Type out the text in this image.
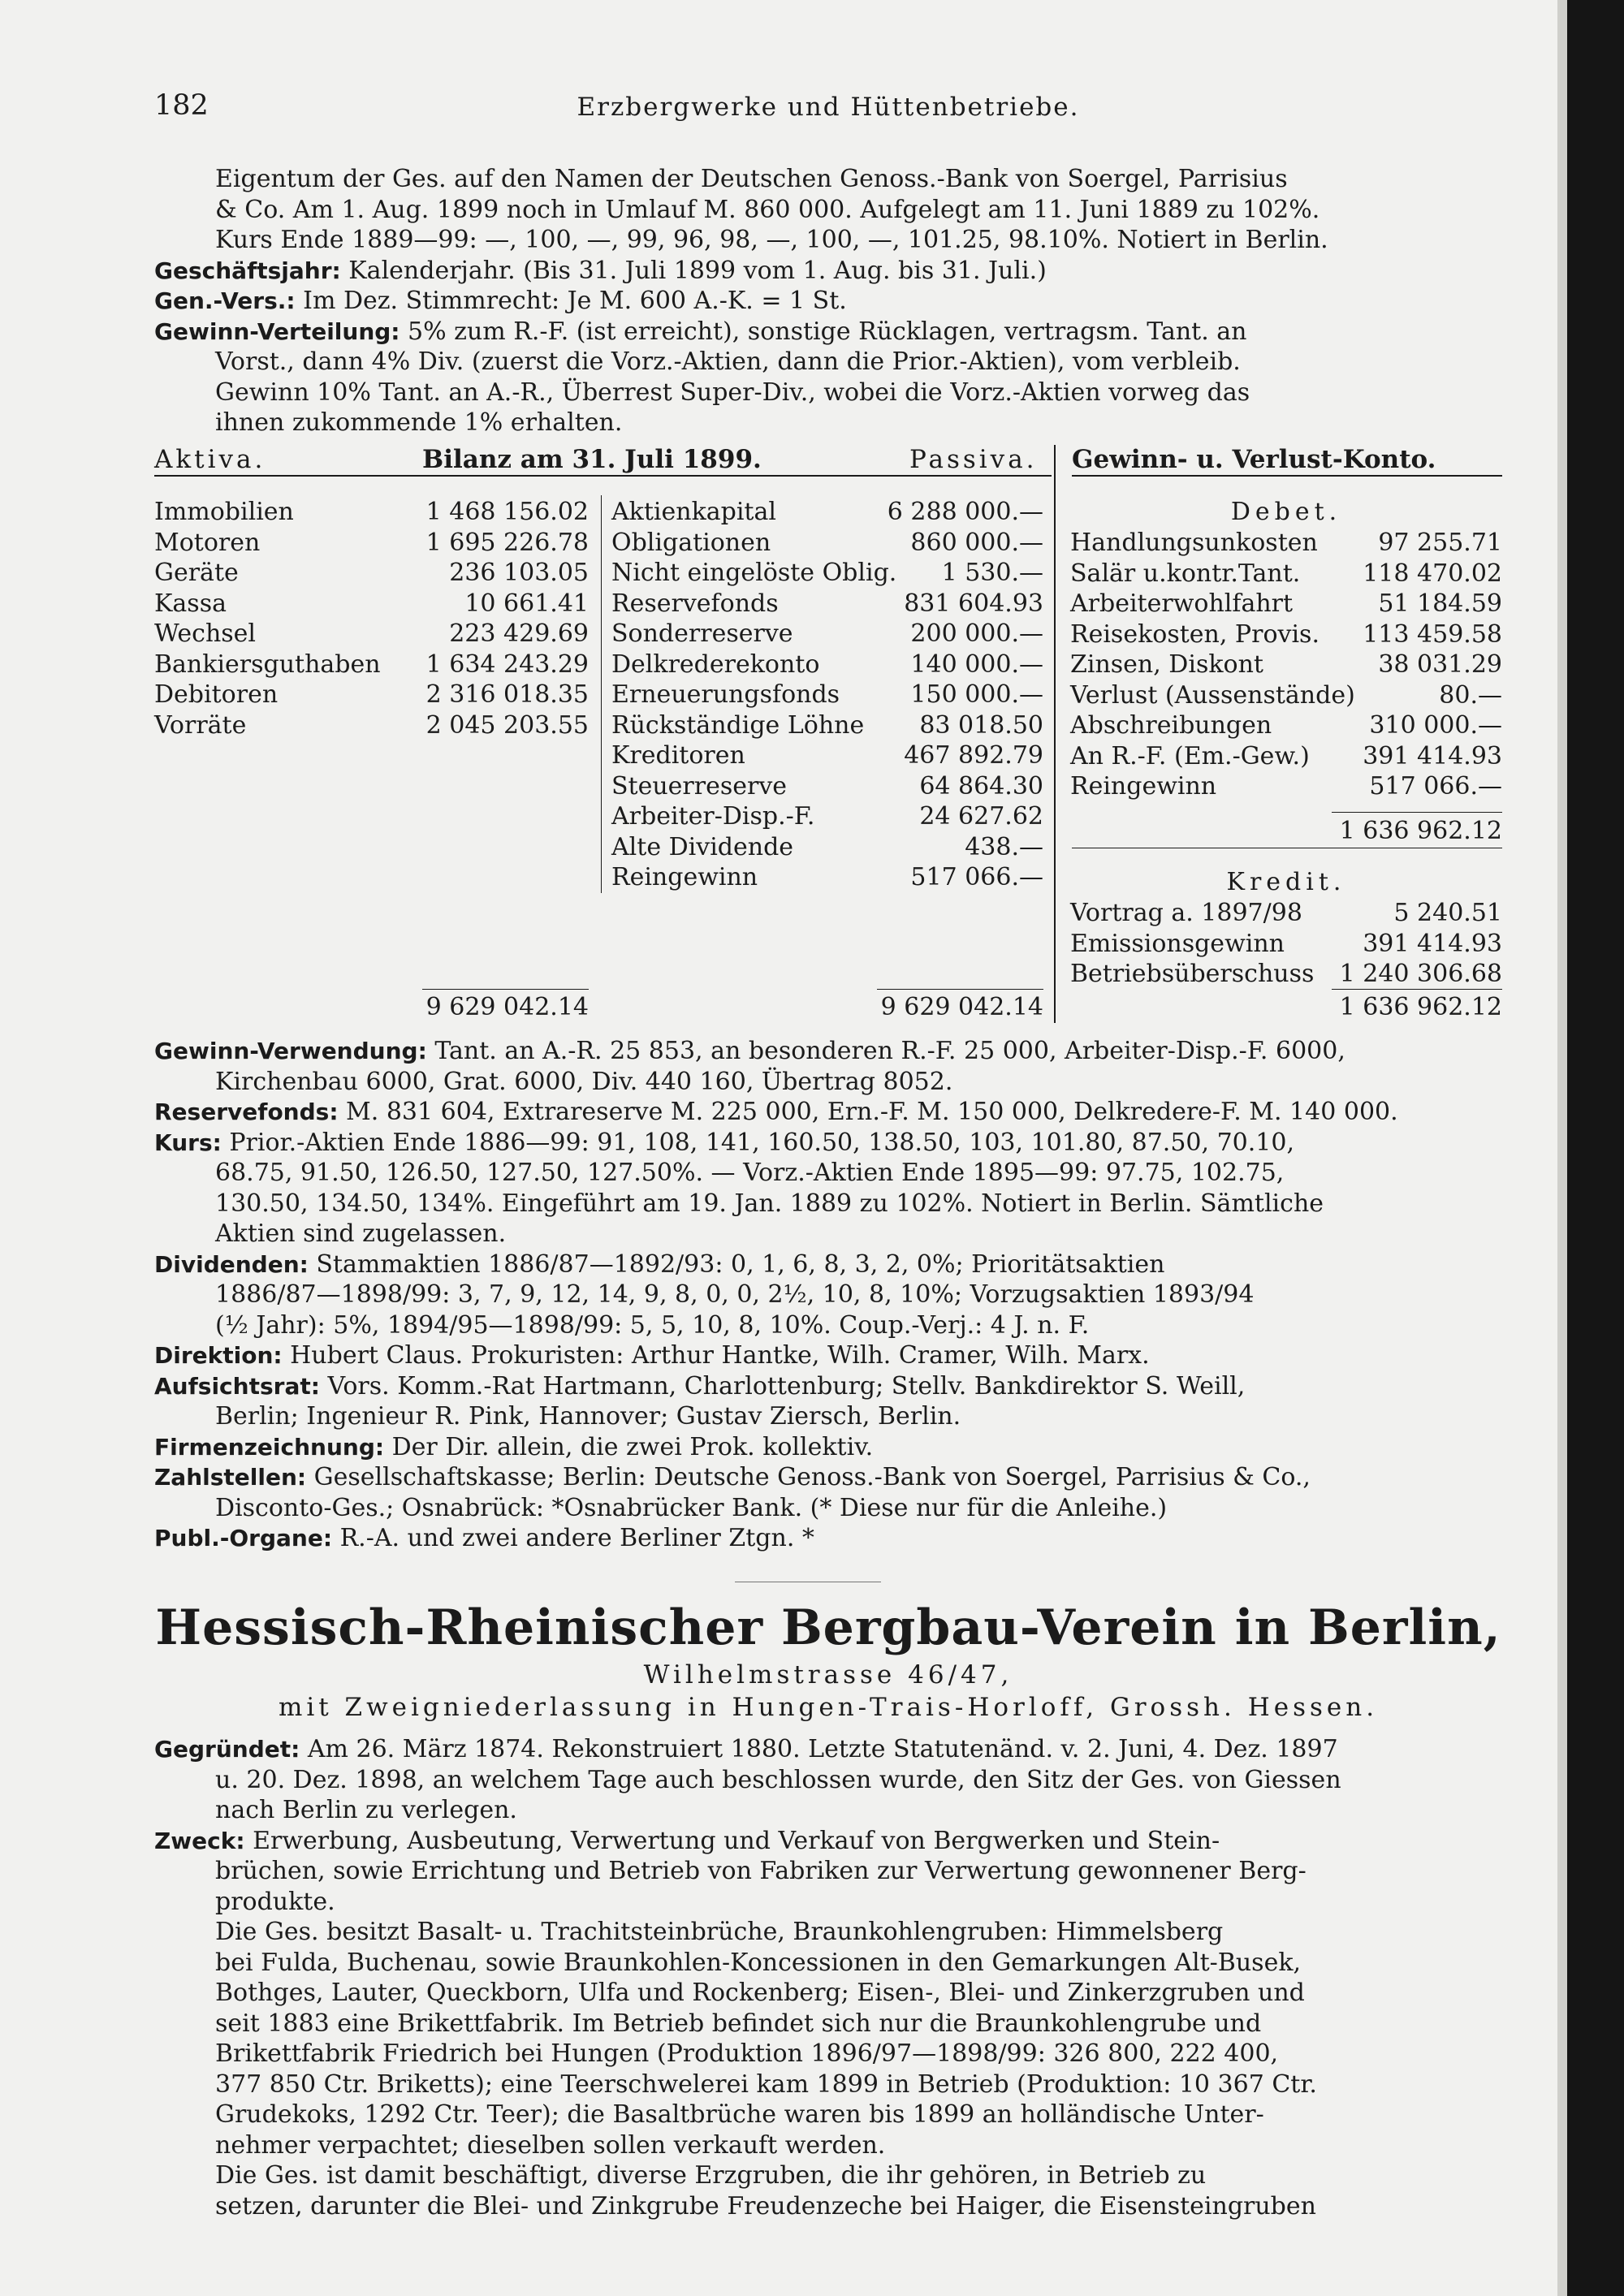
182	Erzbergwerke und Hüttenbetriebe.
Eigentum der Ges. auf den Namen der Deutschen Genoss.-Bank von Soergel, Parrisius
& Co. Am 1. Aug. 1899 noch in Umlauf M. 860 000. Aufgelegt am 11. Juni 1889 zu 102%.
Kurs Ende 1889—99: —, 100, —, 99, 96, 98, —, 100, —, 101.25, 98.10%. Notiert in Berlin.
Geschäftsjahr: Kalenderjahr. (Bis 31. Juli 1899 vom 1. Aug. bis 31. Juli.)
Gen.-Vers.: Im Dez. Stimmrecht: Je M. 600 A.-K. = 1 St.
Gewinn-Verteilung: 5% zum R.-F. (ist erreicht), sonstige Rücklagen, vertragsm. Tant. an
Vorst., dann 4% Div. (zuerst die Vorz.-Aktien, dann die Prior.-Aktien), vom verbleib.
Gewinn 10% Tant. an A.-R., Überrest Super-Div., wobei die Vorz.-Aktien vorweg das
ihnen zukommende 1% erhalten.
Aktiva.	Bilanz am 31. Juli 1899.	Passiva. Gewinn- u. Verlust-Konto.
Immobilien	1 468 156.02
Motoren	1 695 226.78
Geräte	236 103.05
Kassa	10 661.41
Wechsel	223 429.69
Bankiersguthaben 1 634 243.29
Debitoren	2 316 018.35
Vorräte	2 045 203.55
Aktienkapital	6 288 000.—
Obligationen	860 000.—
Nicht eingelöste Oblig. 1 530.—
Reservefonds	831 604.93
Sonderreserve	200 000.—
Delkrederekonto	140 000.—
Erneuerungsfonds	150 000.—
Rückständige Löhne 83 018.50
Kreditoren	467 892.79
Steuerreserve	64 864.30
Arbeiter-Disp.-F.	24 627.62
Alte Dividende	438.—
Reingewinn	517 066.—
9 629 042.14	9 629 042.14
Debet.
Handlungsunkosten 97 255.71
Salär u.kontr.Tant.	118 470.02
Arbeiterwohlfahrt	51 184.59
Reisekosten, Provis. 113 459.58
Zinsen, Diskont	38 031.29
Verlust (Aussenstände)	80.—
Abschreibungen	310 000.—
An R.-F. (Em.-Gew.) 391 414.93
Reingewinn	517 066.—
1 636 962.12
Kredit.
Vortrag a. 1897/98	5 240.51
Emissionsgewinn	391 414.93
Betriebsüberschuss 1 240 306.68
1 636 962.12
Gewinn-Verwendung: Tant. an A.-R. 25 853, an besonderen R.-F. 25 000, Arbeiter-Disp.-F. 6000,
Kirchenbau 6000, Grat. 6000, Div. 440 160, Übertrag 8052.
Reservefonds: M. 831 604, Extrareserve M. 225 000, Ern.-F. M. 150 000, Delkredere-F. M. 140 000.
Kurs: Prior.-Aktien Ende 1886—99: 91, 108, 141, 160.50, 138.50, 103, 101.80, 87.50, 70.10,
68.75, 91.50, 126.50, 127.50, 127.50%. — Vorz.-Aktien Ende 1895—99: 97.75, 102.75,
130.50, 134.50, 134%. Eingeführt am 19. Jan. 1889 zu 102%. Notiert in Berlin. Sämtliche
Aktien sind zugelassen.
Dividenden: Stammaktien 1886/87—1892/93: 0, 1, 6, 8, 3, 2, 0%; Prioritätsaktien
1886/87—1898/99: 3, 7, 9, 12, 14, 9, 8, 0, 0, 2½, 10, 8, 10%; Vorzugsaktien 1893/94
(½ Jahr): 5%, 1894/95—1898/99: 5, 5, 10, 8, 10%. Coup.-Verj.: 4 J. n. F.
Direktion: Hubert Claus. Prokuristen: Arthur Hantke, Wilh. Cramer, Wilh. Marx.
Aufsichtsrat: Vors. Komm.-Rat Hartmann, Charlottenburg; Stellv. Bankdirektor S. Weill,
Berlin; Ingenieur R. Pink, Hannover; Gustav Ziersch, Berlin.
Firmenzeichnung: Der Dir. allein, die zwei Prok. kollektiv.
Zahlstellen: Gesellschaftskasse; Berlin: Deutsche Genoss.-Bank von Soergel, Parrisius & Co.,
Disconto-Ges.; Osnabrück: *Osnabrücker Bank. (* Diese nur für die Anleihe.)
Publ.-Organe: R.-A. und zwei andere Berliner Ztgn. *
Hessisch-Rheinischer Bergbau-Verein in Berlin,
Wilhelmstrasse 46/47,
mit Zweigniederlassung in Hungen-Trais-Horloff, Grossh. Hessen.
Gegründet: Am 26. März 1874. Rekonstruiert 1880. Letzte Statutenänd. v. 2. Juni, 4. Dez. 1897
u. 20. Dez. 1898, an welchem Tage auch beschlossen wurde, den Sitz der Ges. von Giessen
nach Berlin zu verlegen.
Zweck: Erwerbung, Ausbeutung, Verwertung und Verkauf von Bergwerken und Stein-
brüchen, sowie Errichtung und Betrieb von Fabriken zur Verwertung gewonnener Berg-
produkte.
Die Ges. besitzt Basalt- u. Trachitsteinbrüche, Braunkohlengruben: Himmelsberg
bei Fulda, Buchenau, sowie Braunkohlen-Koncessionen in den Gemarkungen Alt-Busek,
Bothges, Lauter, Queckborn, Ulfa und Rockenberg; Eisen-, Blei- und Zinkerzgruben und
seit 1883 eine Brikettfabrik. Im Betrieb befindet sich nur die Braunkohlengrube und
Brikettfabrik Friedrich bei Hungen (Produktion 1896/97—1898/99: 326 800, 222 400,
377 850 Ctr. Briketts); eine Teerschwelerei kam 1899 in Betrieb (Produktion: 10 367 Ctr.
Grudekoks, 1292 Ctr. Teer); die Basaltbrüche waren bis 1899 an holländische Unter-
nehmer verpachtet; dieselben sollen verkauft werden.
Die Ges. ist damit beschäftigt, diverse Erzgruben, die ihr gehören, in Betrieb zu
setzen, darunter die Blei- und Zinkgrube Freudenzeche bei Haiger, die Eisensteingruben
